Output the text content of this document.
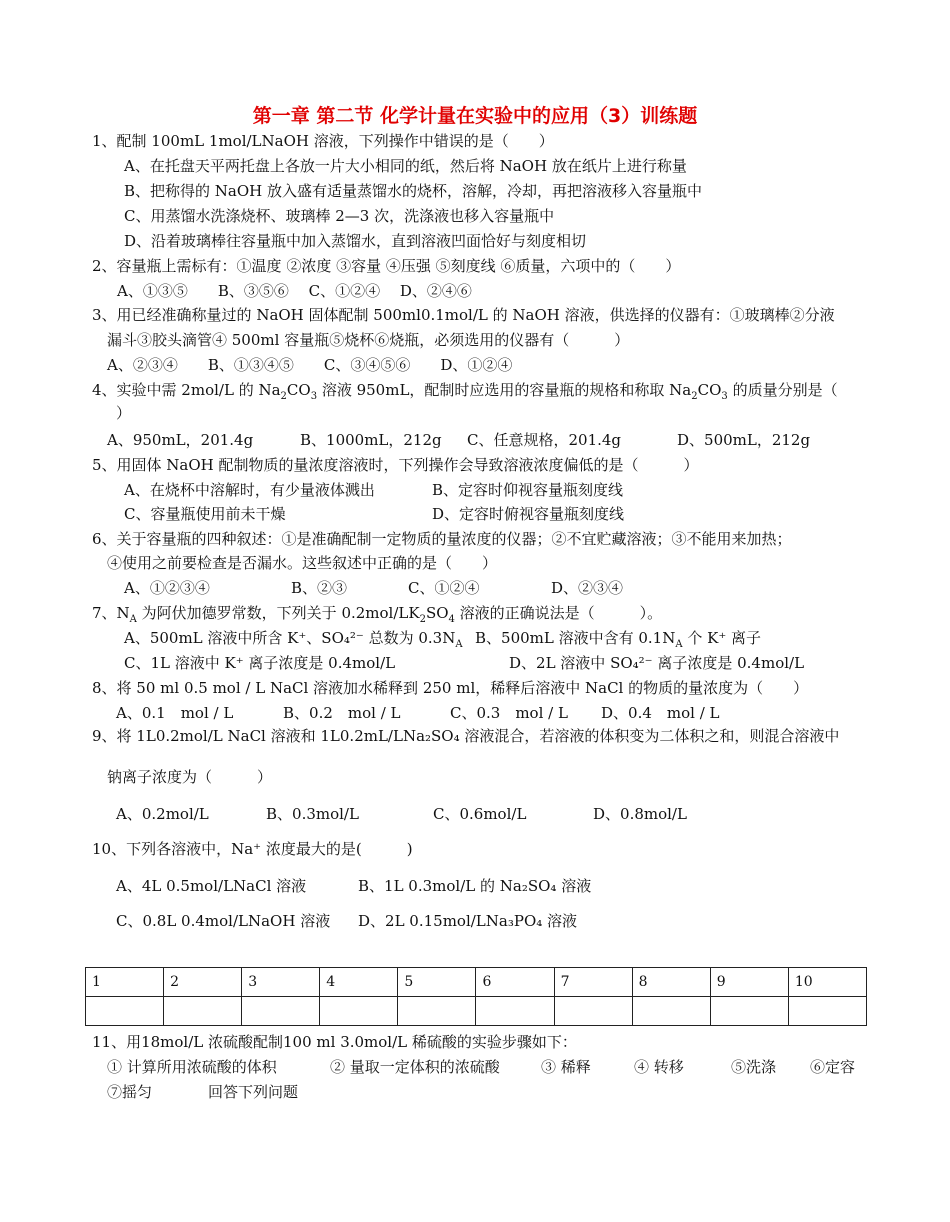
第一章 第二节 化学计量在实验中的应用（3）训练题
1、配制 100mL 1mol/LNaOH 溶液，下列操作中错误的是（　　）
A、在托盘天平两托盘上各放一片大小相同的纸，然后将 NaOH 放在纸片上进行称量
B、把称得的 NaOH 放入盛有适量蒸馏水的烧杯，溶解，冷却，再把溶液移入容量瓶中
C、用蒸馏水洗涤烧杯、玻璃棒 2—3 次，洗涤液也移入容量瓶中
D、沿着玻璃棒往容量瓶中加入蒸馏水，直到溶液凹面恰好与刻度相切
2、容量瓶上需标有：①温度 ②浓度 ③容量 ④压强 ⑤刻度线 ⑥质量，六项中的（　　）
A、①③⑤　　B、③⑤⑥　 C、①②④　 D、②④⑥
3、用已经准确称量过的 NaOH 固体配制 500ml0.1mol/L 的 NaOH 溶液，供选择的仪器有：①玻璃棒②分液
漏斗③胶头滴管④ 500ml 容量瓶⑤烧杯⑥烧瓶，必须选用的仪器有（　　　）
A、②③④　　B、①③④⑤　　C、③④⑤⑥　　D、①②④
4、实验中需 2mol/L 的 $Na_2CO_3$ 溶液 950mL，配制时应选用的容量瓶的规格和称取 $Na_2CO_3$ 的质量分别是（
）
A、950mL，201.4g	B、1000mL，212g C、任意规格，201.4g	D、500mL，212g
5、用固体 NaOH 配制物质的量浓度溶液时，下列操作会导致溶液浓度偏低的是（　　　）
A、在烧杯中溶解时，有少量液体溅出	B、定容时仰视容量瓶刻度线
C、容量瓶使用前未干燥	D、定容时俯视容量瓶刻度线
6、关于容量瓶的四种叙述：①是准确配制一定物质的量浓度的仪器；②不宜贮藏溶液；③不能用来加热；
④使用之前要检查是否漏水。这些叙述中正确的是（　　）
A、①②③④	B、②③	C、①②④	D、②③④
7、$N_A$ 为阿伏加德罗常数，下列关于 $0.2mol/LK_2SO_4$ 溶液的正确说法是（　　　）。
A、500mL 溶液中所含 K⁺、SO₄²⁻ 总数为 $0.3N_A$ B、500mL 溶液中含有 $0.1N_A$ 个 K⁺ 离子
C、1L 溶液中 K⁺ 离子浓度是 0.4mol/L	D、2L 溶液中 SO₄²⁻ 离子浓度是 0.4mol/L
8、将 50 ml 0.5 mol / L NaCl 溶液加水稀释到 250 ml，稀释后溶液中 NaCl 的物质的量浓度为（　　）
A、0.1　mol / L	B、0.2　mol / L	C、0.3　mol / L D、0.4　mol / L
9、将 1L0.2mol/L NaCl 溶液和 1L0.2mL/LNa₂SO₄ 溶液混合，若溶液的体积变为二体积之和，则混合溶液中
钠离子浓度为（　　　）
A、0.2mol/L	B、0.3mol/L	C、0.6mol/L	D、0.8mol/L
10、下列各溶液中，Na⁺ 浓度最大的是(　　　)
A、4L 0.5mol/LNaCl 溶液	B、1L 0.3mol/L 的 Na₂SO₄ 溶液
C、0.8L 0.4mol/LNaOH 溶液 D、2L 0.15mol/LNa₃PO₄ 溶液
1	2	3	4	5	6	7	8	9	10

11、用18mol/L 浓硫酸配制100 ml 3.0mol/L 稀硫酸的实验步骤如下：
① 计算所用浓硫酸的体积	② 量取一定体积的浓硫酸	③ 稀释	④ 转移	⑤洗涤 ⑥定容
⑦摇匀	回答下列问题
